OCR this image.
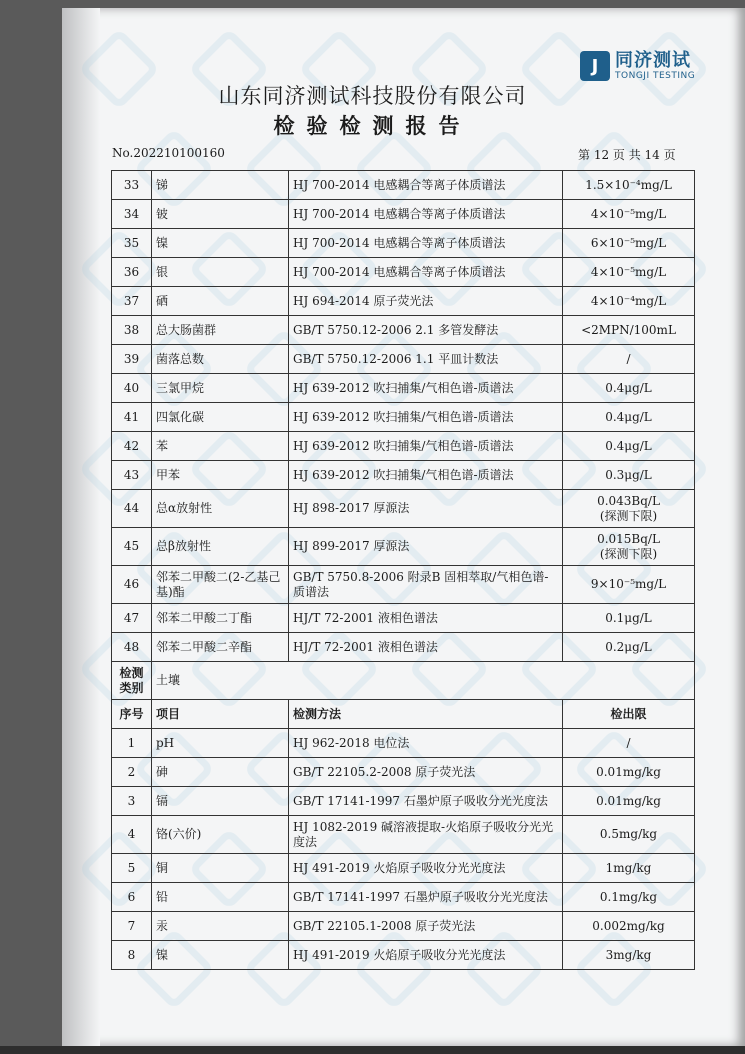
J 同济测试
TONGJI TESTING
山东同济测试科技股份有限公司
检验检测报告
No.202210100160	第 12 页 共 14 页
33	锑	HJ 700-2014 电感耦合等离子体质谱法	1.5×10⁻⁴mg/L
34	铍	HJ 700-2014 电感耦合等离子体质谱法	4×10⁻⁵mg/L
35	镍	HJ 700-2014 电感耦合等离子体质谱法	6×10⁻⁵mg/L
36	银	HJ 700-2014 电感耦合等离子体质谱法	4×10⁻⁵mg/L
37	硒	HJ 694-2014 原子荧光法	4×10⁻⁴mg/L
38	总大肠菌群	GB/T 5750.12-2006 2.1 多管发酵法	<2MPN/100mL
39	菌落总数	GB/T 5750.12-2006 1.1 平皿计数法	/
40	三氯甲烷	HJ 639-2012 吹扫捕集/气相色谱-质谱法	0.4μg/L
41	四氯化碳	HJ 639-2012 吹扫捕集/气相色谱-质谱法	0.4μg/L
42	苯	HJ 639-2012 吹扫捕集/气相色谱-质谱法	0.4μg/L
43	甲苯	HJ 639-2012 吹扫捕集/气相色谱-质谱法	0.3μg/L
44	总α放射性	HJ 898-2017 厚源法	0.043Bq/L
(探测下限)

45	总β放射性	HJ 899-2017 厚源法	0.015Bq/L
(探测下限)

46	邻苯二甲酸二(2-乙基己基)酯	GB/T 5750.8-2006 附录B 固相萃取/气相色谱-质谱法	9×10⁻⁵mg/L
47	邻苯二甲酸二丁酯	HJ/T 72-2001 液相色谱法	0.1μg/L
48	邻苯二甲酸二辛酯	HJ/T 72-2001 液相色谱法	0.2μg/L
检测类别	土壤		
序号	项目	检测方法	检出限
1	pH	HJ 962-2018 电位法	/
2	砷	GB/T 22105.2-2008 原子荧光法	0.01mg/kg
3	镉	GB/T 17141-1997 石墨炉原子吸收分光光度法	0.01mg/kg
4	铬(六价)	HJ 1082-2019 碱溶液提取-火焰原子吸收分光光度法	0.5mg/kg
5	铜	HJ 491-2019 火焰原子吸收分光光度法	1mg/kg
6	铅	GB/T 17141-1997 石墨炉原子吸收分光光度法	0.1mg/kg
7	汞	GB/T 22105.1-2008 原子荧光法	0.002mg/kg
8	镍	HJ 491-2019 火焰原子吸收分光光度法	3mg/kg
